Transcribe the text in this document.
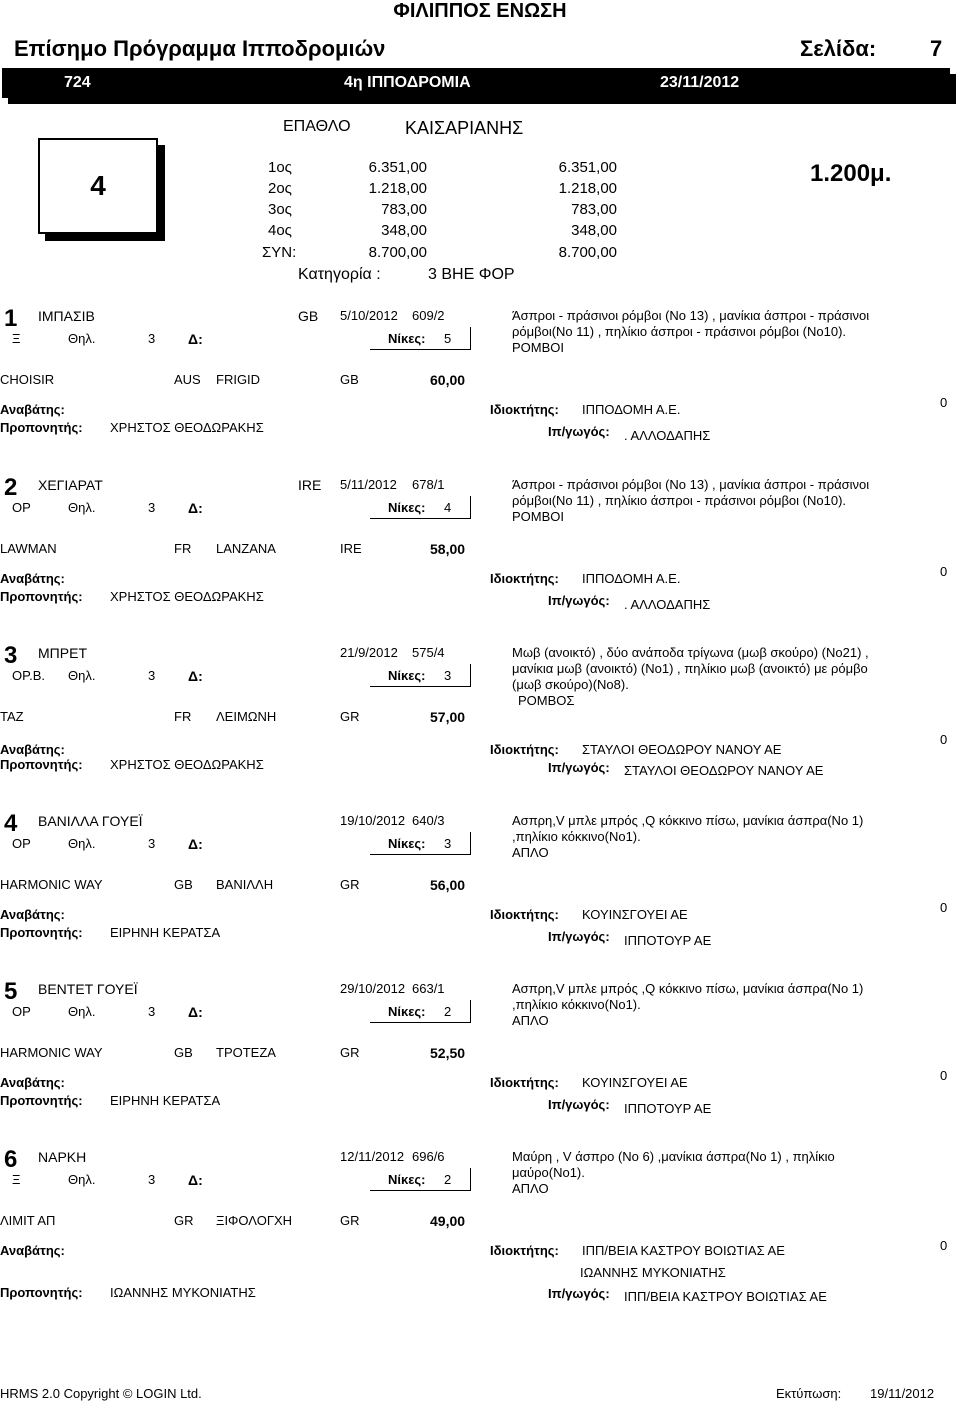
ΦΙΛΙΠΠΟΣ ΕΝΩΣΗ
Επίσημο Πρόγραμμα Ιπποδρομιών	Σελίδα: 7
724	4η ΙΠΠΟΔΡΟΜΙΑ	23/11/2012
ΕΠΑΘΛΟ	ΚΑΙΣΑΡΙΑΝΗΣ
4
1ος	6.351,00	6.351,00
2ος	1.218,00	1.218,00
3ος	783,00	783,00
4ος	348,00	348,00
ΣΥΝ:	8.700,00	8.700,00
Κατηγορία :	3 ΒΗΕ ΦΟΡ
1.200μ.
1 ΙΜΠΑΣΙΒ	GB 5/10/2012 609/2
Ξ	Θηλ.	3 Δ:	Νίκες: 5
Άσπροι - πράσινοι ρόμβοι (Νο 13) , μανίκια άσπροι - πράσινοι
ρόμβοι(Νο 11) , πηλίκιο άσπροι - πράσινοι ρόμβοι (Νο10).
ΡΟΜΒΟΙ
CHOISIR	AUS FRIGID	GB	60,00
Αναβάτης:
Προπονητής: ΧΡΗΣΤΟΣ ΘΕΟΔΩΡΑΚΗΣ
Ιδιοκτήτης: ΙΠΠΟΔΟΜΗ Α.Ε.
Ιπ/γωγός: . ΑΛΛΟΔΑΠΗΣ
0
2 ΧΕΓΙΑΡΑΤ	IRE 5/11/2012 678/1
ΟΡ	Θηλ.	3 Δ:	Νίκες: 4
Άσπροι - πράσινοι ρόμβοι (Νο 13) , μανίκια άσπροι - πράσινοι
ρόμβοι(Νο 11) , πηλίκιο άσπροι - πράσινοι ρόμβοι (Νο10).
ΡΟΜΒΟΙ
LAWMAN	FR LANZANA	IRE	58,00
Αναβάτης:
Προπονητής: ΧΡΗΣΤΟΣ ΘΕΟΔΩΡΑΚΗΣ
Ιδιοκτήτης: ΙΠΠΟΔΟΜΗ Α.Ε.
Ιπ/γωγός: . ΑΛΛΟΔΑΠΗΣ
0
3 ΜΠΡΕΤ	21/9/2012 575/4
ΟΡ.Β. Θηλ.	3 Δ:	Νίκες: 3
Μωβ (ανοικτό) , δύο ανάποδα τρίγωνα (μωβ σκούρο) (Νο21) ,
μανίκια μωβ (ανοικτό) (Νο1) , πηλίκιο μωβ (ανοικτό) με ρόμβο
(μωβ σκούρο)(Νο8).
ΤΑΖ	FR ΛΕΙΜΩΝΗ	GR	57,00
Αναβάτης:
Προπονητής: ΧΡΗΣΤΟΣ ΘΕΟΔΩΡΑΚΗΣ
Ιδιοκτήτης: ΣΤΑΥΛΟΙ ΘΕΟΔΩΡΟΥ ΝΑΝΟΥ ΑΕ
Ιπ/γωγός: ΣΤΑΥΛΟΙ ΘΕΟΔΩΡΟΥ ΝΑΝΟΥ ΑΕ
0
ΡΟΜΒΟΣ
4 ΒΑΝΙΛΛΑ ΓΟΥΕΪ	19/10/2012 640/3
ΟΡ	Θηλ.	3 Δ:	Νίκες: 3
Ασπρη,V μπλε μπρός ,Q κόκκινο πίσω, μανίκια άσπρα(Νο 1)
,πηλίκιο κόκκινο(Νο1).
ΑΠΛΟ
HARMONIC WAY	GB ΒΑΝΙΛΛΗ	GR	56,00
Αναβάτης:
Προπονητής: ΕΙΡΗΝΗ ΚΕΡΑΤΣΑ
Ιδιοκτήτης: ΚΟΥΙΝΣΓΟΥΕΙ ΑΕ
Ιπ/γωγός: ΙΠΠΟΤΟΥΡ ΑΕ
0
5 ΒΕΝΤΕΤ ΓΟΥΕΪ	29/10/2012 663/1
ΟΡ	Θηλ.	3 Δ:	Νίκες: 2
Ασπρη,V μπλε μπρός ,Q κόκκινο πίσω, μανίκια άσπρα(Νο 1)
,πηλίκιο κόκκινο(Νο1).
ΑΠΛΟ
HARMONIC WAY	GB ΤΡΟΤΕΖΑ	GR	52,50
Αναβάτης:
Προπονητής: ΕΙΡΗΝΗ ΚΕΡΑΤΣΑ
Ιδιοκτήτης: ΚΟΥΙΝΣΓΟΥΕΙ ΑΕ
Ιπ/γωγός: ΙΠΠΟΤΟΥΡ ΑΕ
0
6 ΝΑΡΚΗ	12/11/2012 696/6
Ξ	Θηλ.	3 Δ:	Νίκες: 2
Μαύρη , V άσπρο (Νο 6) ,μανίκια άσπρα(Νο 1) , πηλίκιο
μαύρο(Νο1).
ΑΠΛΟ
ΛΙΜΙΤ ΑΠ	GR ΞΙΦΟΛΟΓΧΗ	GR	49,00
Αναβάτης:
Προπονητής: ΙΩΑΝΝΗΣ ΜΥΚΟΝΙΑΤΗΣ
Ιδιοκτήτης: ΙΠΠ/ΒΕΙΑ ΚΑΣΤΡΟΥ ΒΟΙΩΤΙΑΣ ΑΕ
Ιπ/γωγός: ΙΠΠ/ΒΕΙΑ ΚΑΣΤΡΟΥ ΒΟΙΩΤΙΑΣ ΑΕ
0
ΙΩΑΝΝΗΣ ΜΥΚΟΝΙΑΤΗΣ
HRMS 2.0 Copyright © LOGIN Ltd.	Εκτύπωση: 19/11/2012
